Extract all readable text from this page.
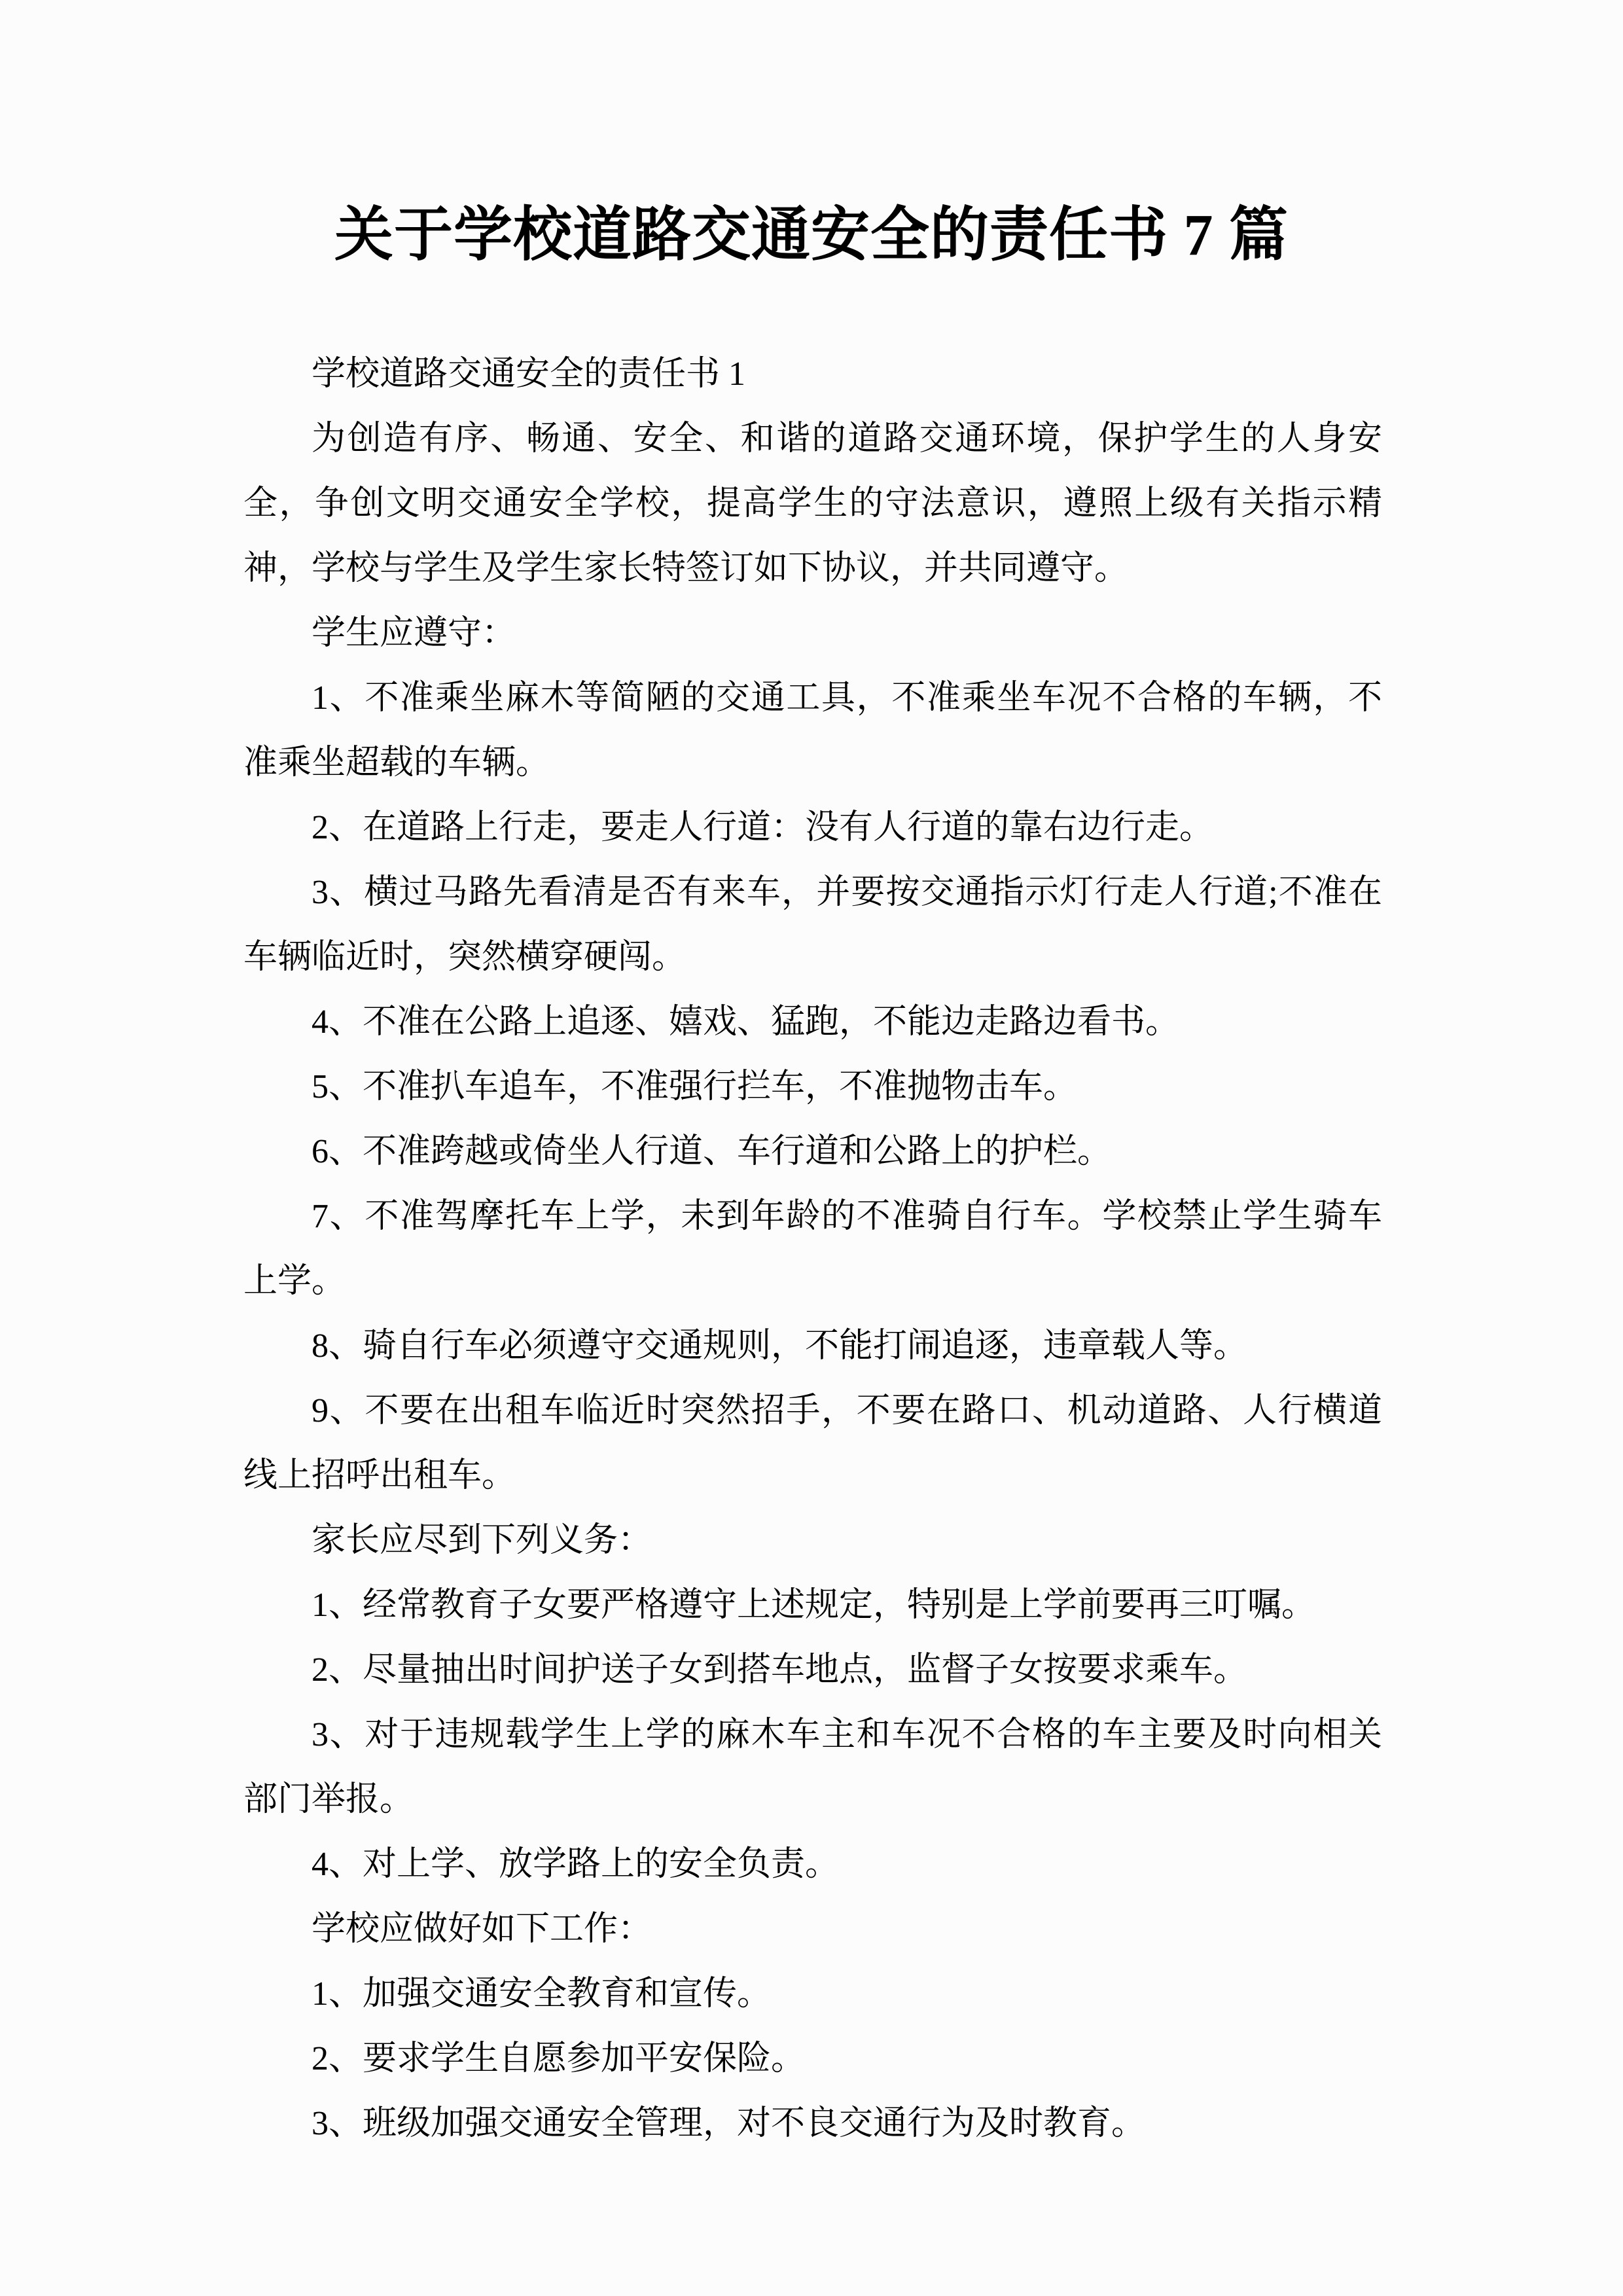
关于学校道路交通安全的责任书 7 篇

学校道路交通安全的责任书 1

为创造有序、畅通、安全、和谐的道路交通环境，保护学生的人身安全，争创文明交通安全学校，提高学生的守法意识，遵照上级有关指示精神，学校与学生及学生家长特签订如下协议，并共同遵守。

学生应遵守：

1、不准乘坐麻木等简陋的交通工具，不准乘坐车况不合格的车辆，不准乘坐超载的车辆。

2、在道路上行走，要走人行道：没有人行道的靠右边行走。

3、横过马路先看清是否有来车，并要按交通指示灯行走人行道;不准在车辆临近时，突然横穿硬闯。

4、不准在公路上追逐、嬉戏、猛跑，不能边走路边看书。

5、不准扒车追车，不准强行拦车，不准抛物击车。

6、不准跨越或倚坐人行道、车行道和公路上的护栏。

7、不准驾摩托车上学，未到年龄的不准骑自行车。学校禁止学生骑车上学。

8、骑自行车必须遵守交通规则，不能打闹追逐，违章载人等。

9、不要在出租车临近时突然招手，不要在路口、机动道路、人行横道线上招呼出租车。

家长应尽到下列义务：

1、经常教育子女要严格遵守上述规定，特别是上学前要再三叮嘱。

2、尽量抽出时间护送子女到搭车地点，监督子女按要求乘车。

3、对于违规载学生上学的麻木车主和车况不合格的车主要及时向相关部门举报。

4、对上学、放学路上的安全负责。

学校应做好如下工作：

1、加强交通安全教育和宣传。

2、要求学生自愿参加平安保险。

3、班级加强交通安全管理，对不良交通行为及时教育。
